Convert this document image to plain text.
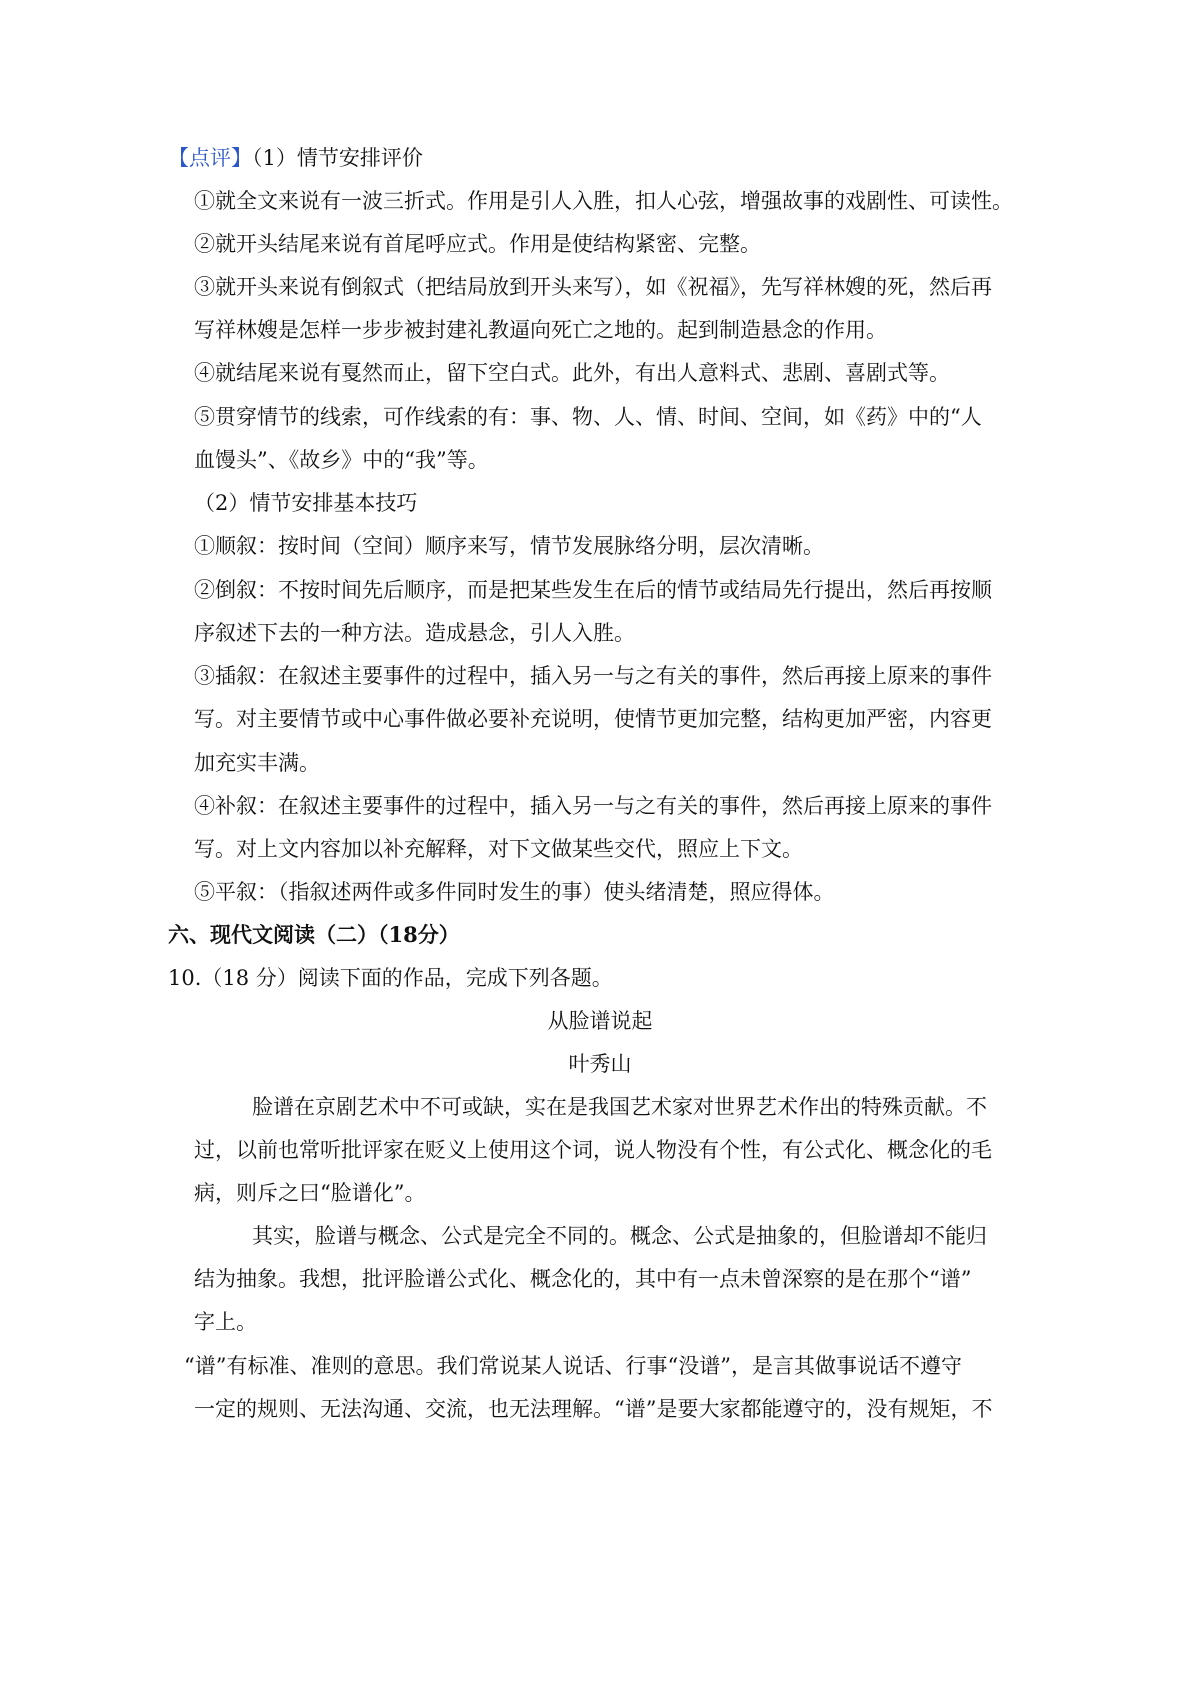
【点评】（1）情节安排评价
①就全文来说有一波三折式。作用是引人入胜，扣人心弦，增强故事的戏剧性、可读性。
②就开头结尾来说有首尾呼应式。作用是使结构紧密、完整。
③就开头来说有倒叙式（把结局放到开头来写），如《祝福》，先写祥林嫂的死，然后再
写祥林嫂是怎样一步步被封建礼教逼向死亡之地的。起到制造悬念的作用。
④就结尾来说有戛然而止，留下空白式。此外，有出人意料式、悲剧、喜剧式等。
⑤贯穿情节的线索，可作线索的有：事、物、人、情、时间、空间，如《药》中的“人
血馒头”、《故乡》中的“我”等。
（2）情节安排基本技巧
①顺叙：按时间（空间）顺序来写，情节发展脉络分明，层次清晰。
②倒叙：不按时间先后顺序，而是把某些发生在后的情节或结局先行提出，然后再按顺
序叙述下去的一种方法。造成悬念，引人入胜。
③插叙：在叙述主要事件的过程中，插入另一与之有关的事件，然后再接上原来的事件
写。对主要情节或中心事件做必要补充说明，使情节更加完整，结构更加严密，内容更
加充实丰满。
④补叙：在叙述主要事件的过程中，插入另一与之有关的事件，然后再接上原来的事件
写。对上文内容加以补充解释，对下文做某些交代，照应上下文。
⑤平叙：（指叙述两件或多件同时发生的事）使头绪清楚，照应得体。
六、现代文阅读（二）（18分）
10.（18 分）阅读下面的作品，完成下列各题。
从脸谱说起
叶秀山
脸谱在京剧艺术中不可或缺，实在是我国艺术家对世界艺术作出的特殊贡献。不
过，以前也常听批评家在贬义上使用这个词，说人物没有个性，有公式化、概念化的毛
病，则斥之曰“脸谱化”。
其实，脸谱与概念、公式是完全不同的。概念、公式是抽象的，但脸谱却不能归
结为抽象。我想，批评脸谱公式化、概念化的，其中有一点未曾深察的是在那个“谱”
字上。
“谱”有标准、准则的意思。我们常说某人说话、行事“没谱”，是言其做事说话不遵守
一定的规则、无法沟通、交流，也无法理解。“谱”是要大家都能遵守的，没有规矩，不
